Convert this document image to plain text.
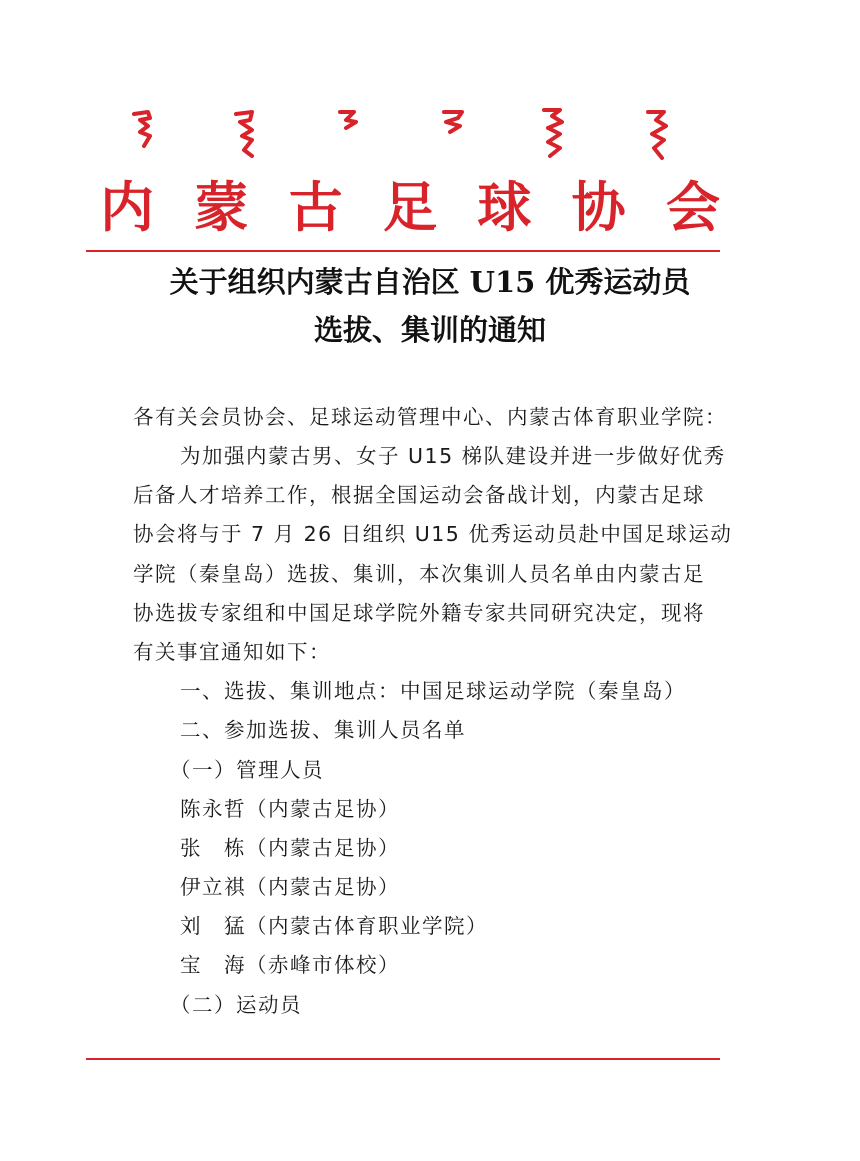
内 蒙 古 足 球 协 会
关于组织内蒙古自治区 U15 优秀运动员
选拔、集训的通知
各有关会员协会、足球运动管理中心、内蒙古体育职业学院：
为加强内蒙古男、女子 U15 梯队建设并进一步做好优秀
后备人才培养工作，根据全国运动会备战计划，内蒙古足球
协会将与于 7 月 26 日组织 U15 优秀运动员赴中国足球运动
学院（秦皇岛）选拔、集训，本次集训人员名单由内蒙古足
协选拔专家组和中国足球学院外籍专家共同研究决定，现将
有关事宜通知如下：
一、选拔、集训地点：中国足球运动学院（秦皇岛）
二、参加选拔、集训人员名单
（一）管理人员
陈永哲（内蒙古足协）
张　栋（内蒙古足协）
伊立祺（内蒙古足协）
刘　猛（内蒙古体育职业学院）
宝　海（赤峰市体校）
（二）运动员
